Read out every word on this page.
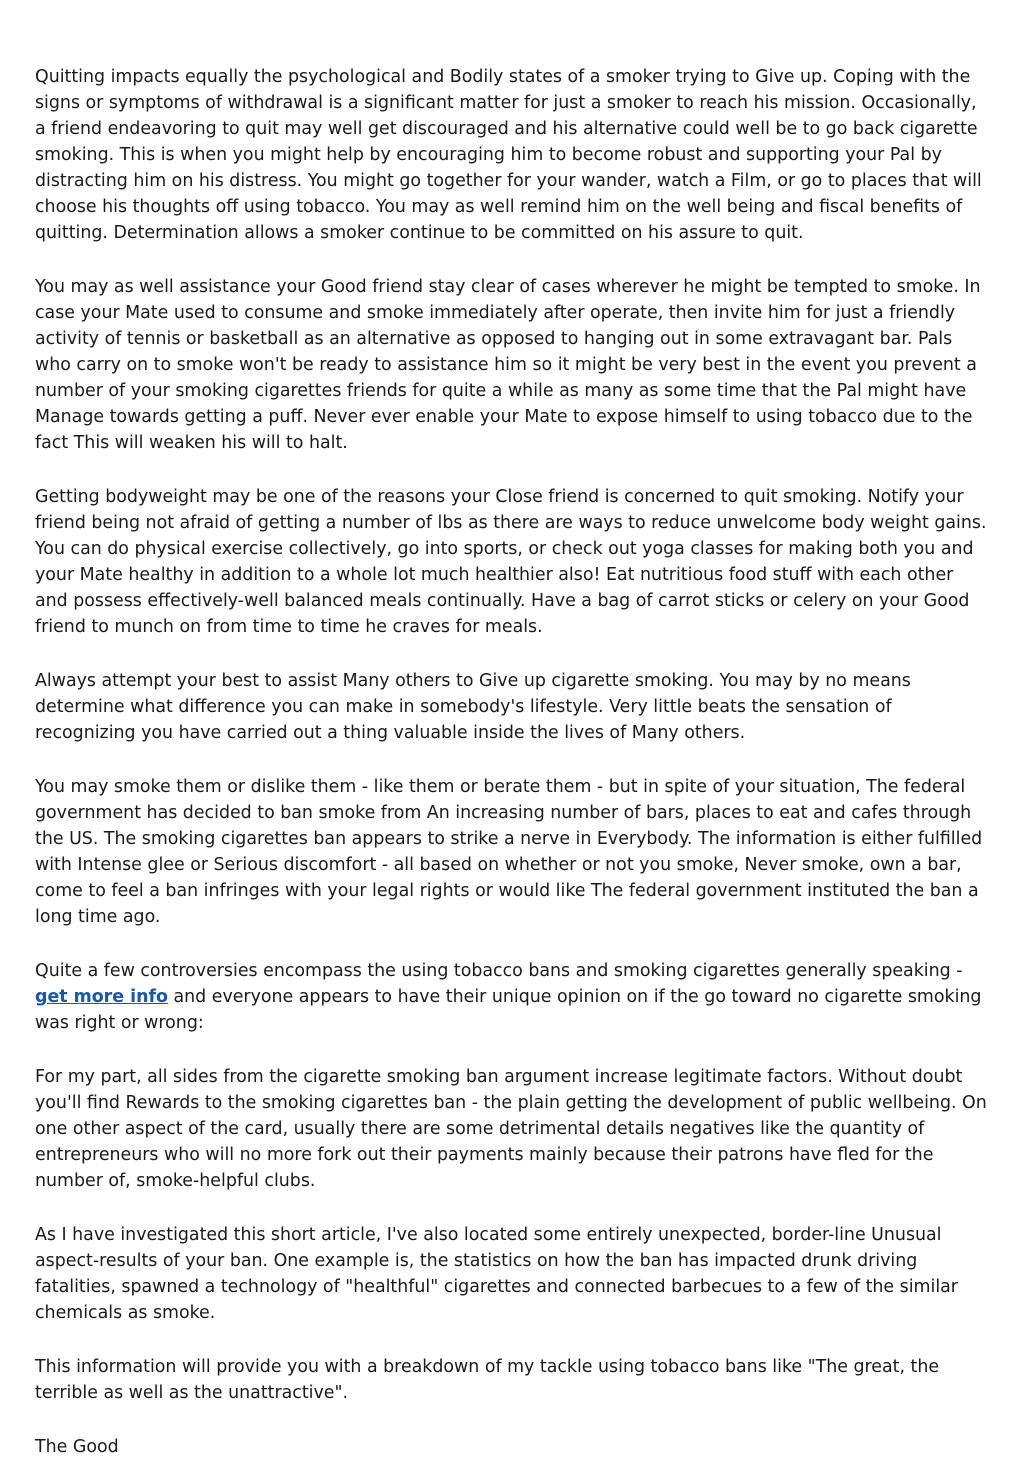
Quitting impacts equally the psychological and Bodily states of a smoker trying to Give up. Coping with the signs or symptoms of withdrawal is a significant matter for just a smoker to reach his mission. Occasionally, a friend endeavoring to quit may well get discouraged and his alternative could well be to go back cigarette smoking. This is when you might help by encouraging him to become robust and supporting your Pal by distracting him on his distress. You might go together for your wander, watch a Film, or go to places that will choose his thoughts off using tobacco. You may as well remind him on the well being and fiscal benefits of quitting. Determination allows a smoker continue to be committed on his assure to quit.

You may as well assistance your Good friend stay clear of cases wherever he might be tempted to smoke. In case your Mate used to consume and smoke immediately after operate, then invite him for just a friendly activity of tennis or basketball as an alternative as opposed to hanging out in some extravagant bar. Pals who carry on to smoke won't be ready to assistance him so it might be very best in the event you prevent a number of your smoking cigarettes friends for quite a while as many as some time that the Pal might have Manage towards getting a puff. Never ever enable your Mate to expose himself to using tobacco due to the fact This will weaken his will to halt.

Getting bodyweight may be one of the reasons your Close friend is concerned to quit smoking. Notify your friend being not afraid of getting a number of lbs as there are ways to reduce unwelcome body weight gains. You can do physical exercise collectively, go into sports, or check out yoga classes for making both you and your Mate healthy in addition to a whole lot much healthier also! Eat nutritious food stuff with each other and possess effectively-well balanced meals continually. Have a bag of carrot sticks or celery on your Good friend to munch on from time to time he craves for meals.

Always attempt your best to assist Many others to Give up cigarette smoking. You may by no means determine what difference you can make in somebody's lifestyle. Very little beats the sensation of recognizing you have carried out a thing valuable inside the lives of Many others.

You may smoke them or dislike them - like them or berate them - but in spite of your situation, The federal government has decided to ban smoke from An increasing number of bars, places to eat and cafes through the US. The smoking cigarettes ban appears to strike a nerve in Everybody. The information is either fulfilled with Intense glee or Serious discomfort - all based on whether or not you smoke, Never smoke, own a bar, come to feel a ban infringes with your legal rights or would like The federal government instituted the ban a long time ago.

Quite a few controversies encompass the using tobacco bans and smoking cigarettes generally speaking - get more info and everyone appears to have their unique opinion on if the go toward no cigarette smoking was right or wrong:

For my part, all sides from the cigarette smoking ban argument increase legitimate factors. Without doubt you'll find Rewards to the smoking cigarettes ban - the plain getting the development of public wellbeing. On one other aspect of the card, usually there are some detrimental details negatives like the quantity of entrepreneurs who will no more fork out their payments mainly because their patrons have fled for the number of, smoke-helpful clubs.

As I have investigated this short article, I've also located some entirely unexpected, border-line Unusual aspect-results of your ban. One example is, the statistics on how the ban has impacted drunk driving fatalities, spawned a technology of "healthful" cigarettes and connected barbecues to a few of the similar chemicals as smoke.

This information will provide you with a breakdown of my tackle using tobacco bans like "The great, the terrible as well as the unattractive".

The Good
